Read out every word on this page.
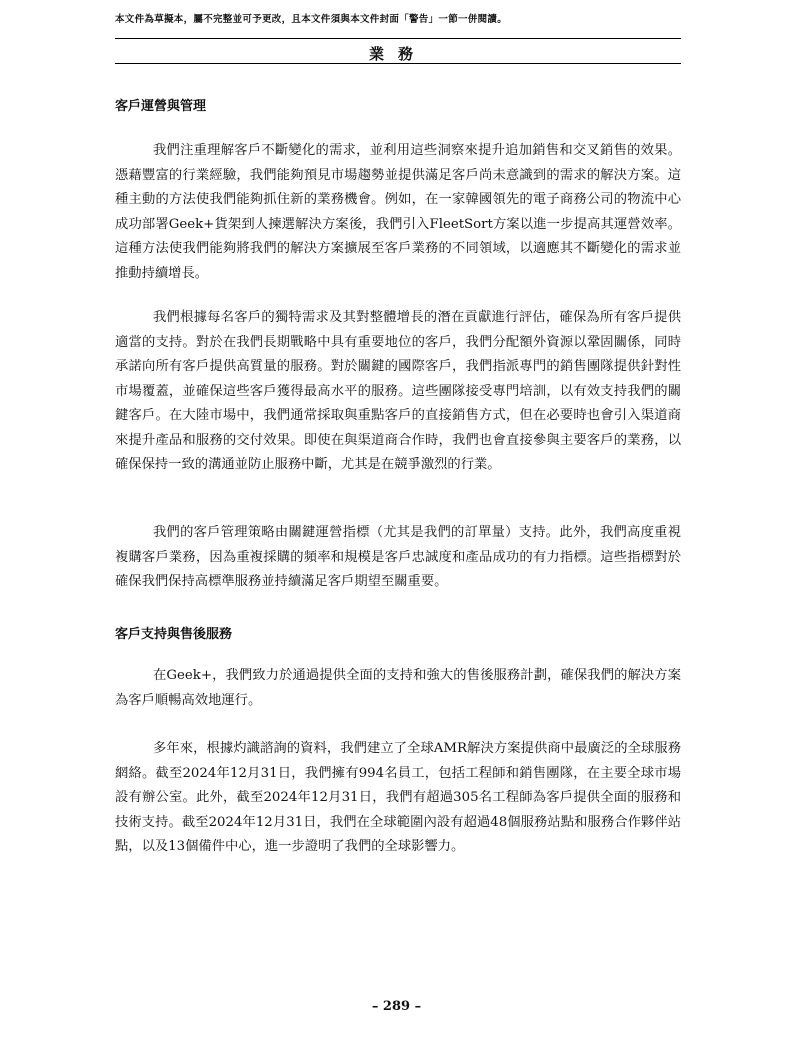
本文件為草擬本，屬不完整並可予更改，且本文件須與本文件封面「警告」一節一併閱讀。
業務
客戶運營與管理

我們注重理解客戶不斷變化的需求，並利用這些洞察來提升追加銷售和交叉銷售的效果。憑藉豐富的行業經驗，我們能夠預見市場趨勢並提供滿足客戶尚未意識到的需求的解決方案。這種主動的方法使我們能夠抓住新的業務機會。例如，在一家韓國領先的電子商務公司的物流中心成功部署Geek+貨架到人揀選解決方案後，我們引入FleetSort方案以進一步提高其運營效率。這種方法使我們能夠將我們的解決方案擴展至客戶業務的不同領域，以適應其不斷變化的需求並推動持續增長。

我們根據每名客戶的獨特需求及其對整體增長的潛在貢獻進行評估，確保為所有客戶提供適當的支持。對於在我們長期戰略中具有重要地位的客戶，我們分配額外資源以鞏固關係，同時承諾向所有客戶提供高質量的服務。對於關鍵的國際客戶，我們指派專門的銷售團隊提供針對性市場覆蓋，並確保這些客戶獲得最高水平的服務。這些團隊接受專門培訓，以有效支持我們的關鍵客戶。在大陸市場中，我們通常採取與重點客戶的直接銷售方式，但在必要時也會引入渠道商來提升產品和服務的交付效果。即使在與渠道商合作時，我們也會直接參與主要客戶的業務，以確保保持一致的溝通並防止服務中斷，尤其是在競爭激烈的行業。

我們的客戶管理策略由關鍵運營指標（尤其是我們的訂單量）支持。此外，我們高度重視複購客戶業務，因為重複採購的頻率和規模是客戶忠誠度和產品成功的有力指標。這些指標對於確保我們保持高標準服務並持續滿足客戶期望至關重要。

客戶支持與售後服務

在Geek+，我們致力於通過提供全面的支持和強大的售後服務計劃，確保我們的解決方案為客戶順暢高效地運行。

多年來，根據灼識諮詢的資料，我們建立了全球AMR解決方案提供商中最廣泛的全球服務網絡。截至2024年12月31日，我們擁有994名員工，包括工程師和銷售團隊，在主要全球市場設有辦公室。此外，截至2024年12月31日，我們有超過305名工程師為客戶提供全面的服務和技術支持。截至2024年12月31日，我們在全球範圍內設有超過48個服務站點和服務合作夥伴站點，以及13個備件中心，進一步證明了我們的全球影響力。

– 289 –
